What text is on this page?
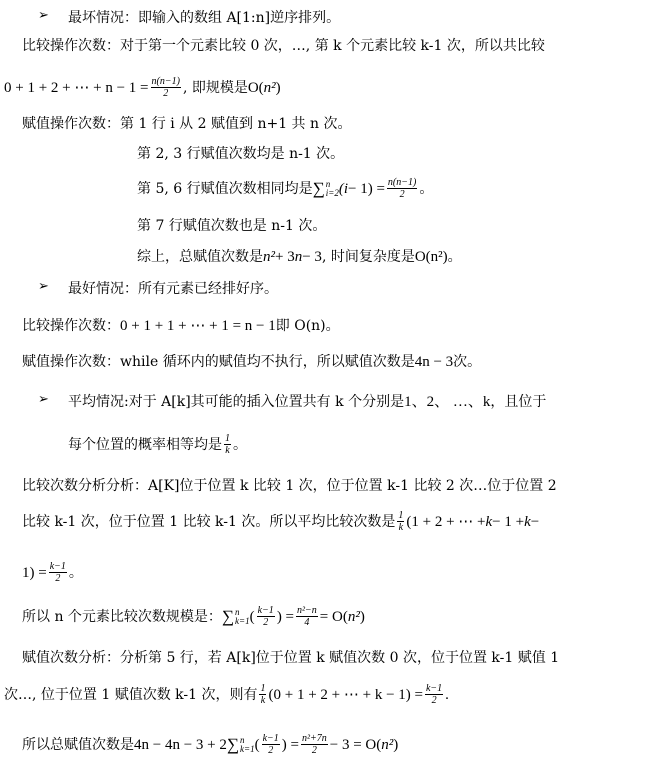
➢ 最坏情况：即输入的数组 A[1:n]逆序排列。
比较操作次数：对于第一个元素比较 0 次，…, 第 k 个元素比较 k-1 次，所以共比较
0 + 1 + 2 + ⋯ + $n - 1 = \frac{n(n-1)}{2}$ , 即规模是 O( n² )
赋值操作次数：第 1 行 i 从 2 赋值到 n+1 共 n 次。
第 2, 3 行赋值次数均是 n-1 次。
第 5, 6 行赋值次数相同均是 ∑ n
i=2 $(i - 1) = \frac{n(n-1)}{2}$ 。
第 7 行赋值次数也是 n-1 次。
综上，总赋值次数是 n² + 3 n − 3 , 时间复杂度是 O(n²) 。
➢ 最好情况：所有元素已经排好序。
比较操作次数： 0 + 1 + 1 + ⋯ + 1 = n − 1 即 O(n)。
赋值操作次数：while 循环内的赋值均不执行，所以赋值次数是 4n − 3 次。
➢ 平均情况:对于 A[k]其可能的插入位置共有 k 个分别是 1、2、 …、k ，且位于
每个位置的概率相等均是 $\frac{1}{k}$ 。
比较次数分析分析：A[K]位于位置 k 比较 1 次，位于位置 k-1 比较 2 次…位于位置 2
比较 k-1 次，位于位置 1 比较 k-1 次。所以平均比较次数是 $\frac{1}{k} (1 + 2$ + ⋯ + k − 1 + k −
$1) = \frac{k-1}{2}$ 。
所以 n 个元素比较次数规模是： ∑ n
k=1 ( $\frac{k-1}{2}$ ) = $\frac{\text{n²−n}}{4} = O$( n² )
赋值次数分析：分析第 5 行，若 A[k]位于位置 k 赋值次数 0 次，位于位置 k-1 赋值 1
次…, 位于位置 1 赋值次数 k-1 次，则有 $\frac{1}{k} (0 + 1 + 2$ + ⋯ + $k - 1) = \frac{k-1}{2}$ .
所以总赋值次数是 4n − 4n − 3 + 2 ∑ n
k=1 ( $\frac{k-1}{2}$ ) = $\frac{\text{n²+7n}}{2} - 3 = O$( n² )
